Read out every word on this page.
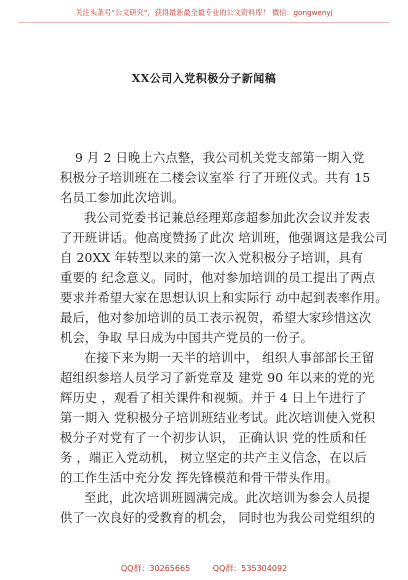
关注头条号“公文研究”，获得最新最全最专业的公文资料库！ 微信：gongwenyj
XX公司入党积极分子新闻稿
9 月 2 日晚上六点整，我公司机关党支部第一期入党
积极分子培训班在二楼会议室举 行了开班仪式。共有 15
名员工参加此次培训。
我公司党委书记兼总经理郑彦超参加此次会议并发表
了开班讲话。他高度赞扬了此次 培训班，他强调这是我公司
自 20XX 年转型以来的第一次入党积极分子培训，具有
重要的 纪念意义。同时，他对参加培训的员工提出了两点
要求并希望大家在思想认识上和实际行 动中起到表率作用。
最后，他对参加培训的员工表示祝贺，希望大家珍惜这次
机会，争取 早日成为中国共产党员的一份子。
在接下来为期一天半的培训中， 组织人事部部长王留
超组织参培人员学习了新党章及 建党 90 年以来的党的光
辉历史 ，观看了相关课件和视频。并于 4 日上午进行了
第一期入 党积极分子培训班结业考试。此次培训使入党积
极分子对党有了一个初步认识， 正确认识 党的性质和任
务 ，端正入党动机， 树立坚定的共产主义信念，在以后
的工作生活中充分发 挥先锋模范和骨干带头作用。
至此，此次培训班圆满完成。此次培训为参会人员提
供了一次良好的受教育的机会， 同时也为我公司党组织的
QQ群：30265665	QQ群：535304092
